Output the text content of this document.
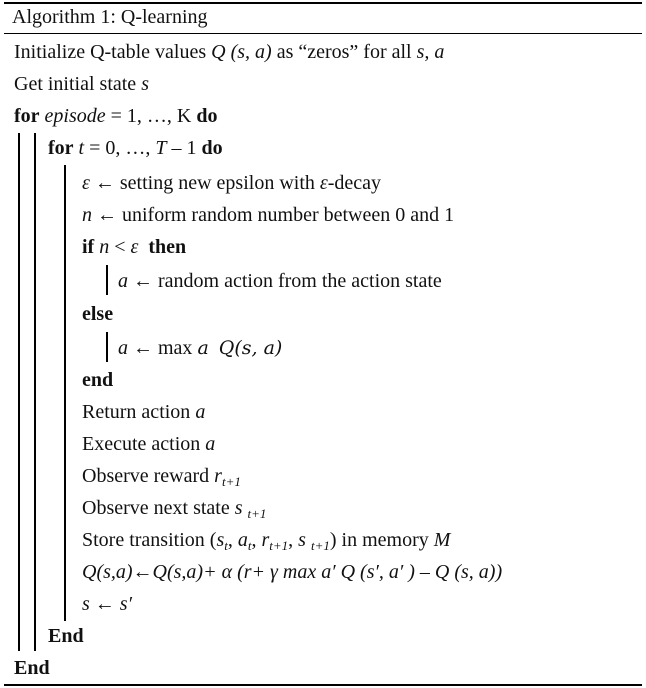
Algorithm 1: Q-learning
Initialize Q-table values Q (s, a) as “zeros” for all s, a
Get initial state s
for episode = 1, …, K do
for t = 0, …, T – 1 do
ε ← setting new epsilon with ε-decay
n ← uniform random number between 0 and 1
if n < ε then
a ← random action from the action state
else
a ← max a Q(s, a)
end
Return action a
Execute action a
Observe reward $r_{t+1}$
Observe next state s $_{t+1}$
Store transition ($s_t$, $a_t$, $r_{t+1}$, s $_{t+1}$) in memory M
Q(s,a)←Q(s,a)+ α (r+ γ max a′ Q (s′, a′ ) – Q (s, a))
s ← s′
End
End
